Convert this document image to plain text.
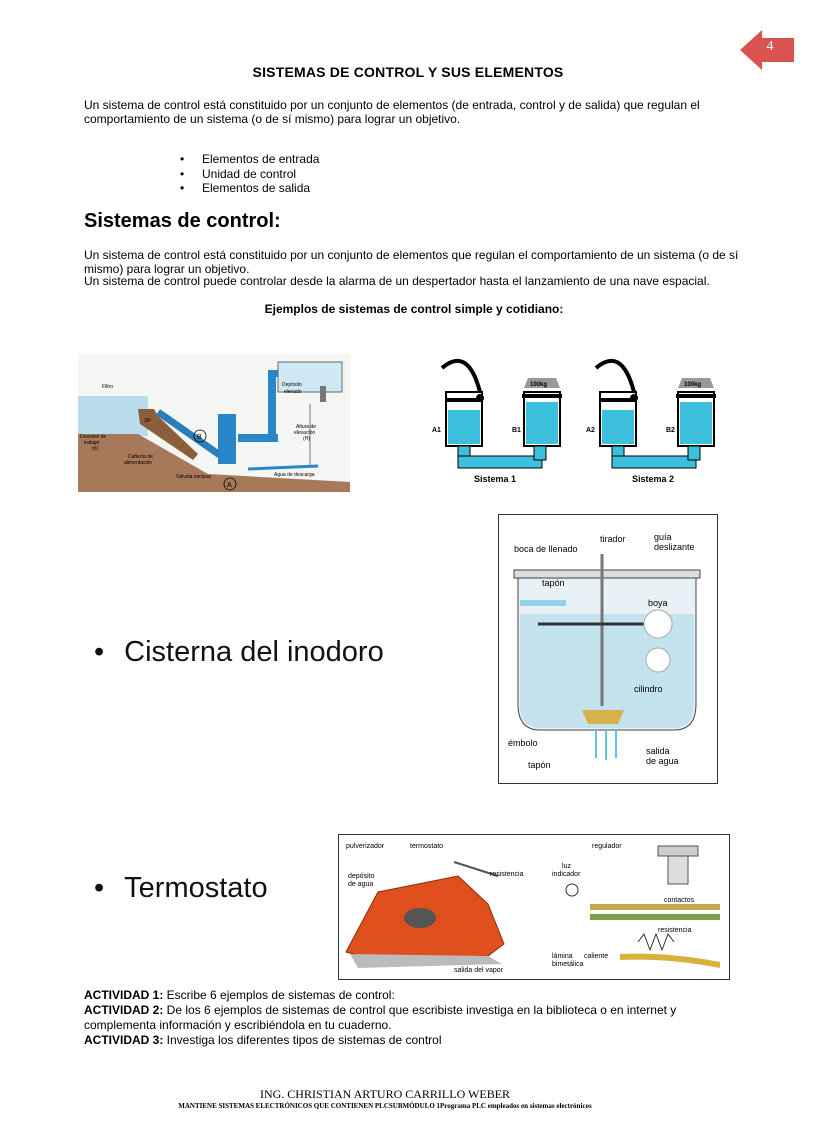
4
SISTEMAS DE CONTROL Y SUS ELEMENTOS
Un sistema de control está constituido por un conjunto de elementos (de entrada, control y de salida) que regulan el comportamiento de un sistema (o de sí mismo) para lograr un objetivo.
• Elementos de entrada
• Unidad de control
• Elementos de salida
Sistemas de control:
Un sistema de control está constituido por un conjunto de elementos que regulan el comportamiento de un sistema (o de sí mismo) para lograr un objetivo.
Un sistema de control puede controlar desde la alarma de un despertador hasta el lanzamiento de una nave espacial.
Ejemplos de sistemas de control simple y cotidiano:
Filtro	Depósito
elevado
30º
Desnivel de
trabajo
(h)
B
Altura de
elevación
(H)
Cañería de
alimentación
Válvula esclusa	Agua de descarga
A
100kg
A1	B1
Sistema 1
100kg
A2	B2
Sistema 2
• Cisterna del inodoro
tirador	guía
deslizante
boca de llenado
tapón
boya
cilindro
émbolo
tapón
salida
de agua
• Termostato
pulverizador	termostato
depósito
de agua
resistencia
salida del vapor
regulador
luz
indicador
contactos
resistencia
lámina
bimetálica
caliente
ACTIVIDAD 1: Escribe 6 ejemplos de sistemas de control:
ACTIVIDAD 2: De los 6 ejemplos de sistemas de control que escribiste investiga en la biblioteca o en internet y complementa información y escribiéndola en tu cuaderno.
ACTIVIDAD 3: Investiga los diferentes tipos de sistemas de control
ING. CHRISTIAN ARTURO CARRILLO WEBER
MANTIENE SISTEMAS ELECTRÓNICOS QUE CONTIENEN PLCSUBMÓDULO 1Programa PLC empleados en sistemas electrónicos
